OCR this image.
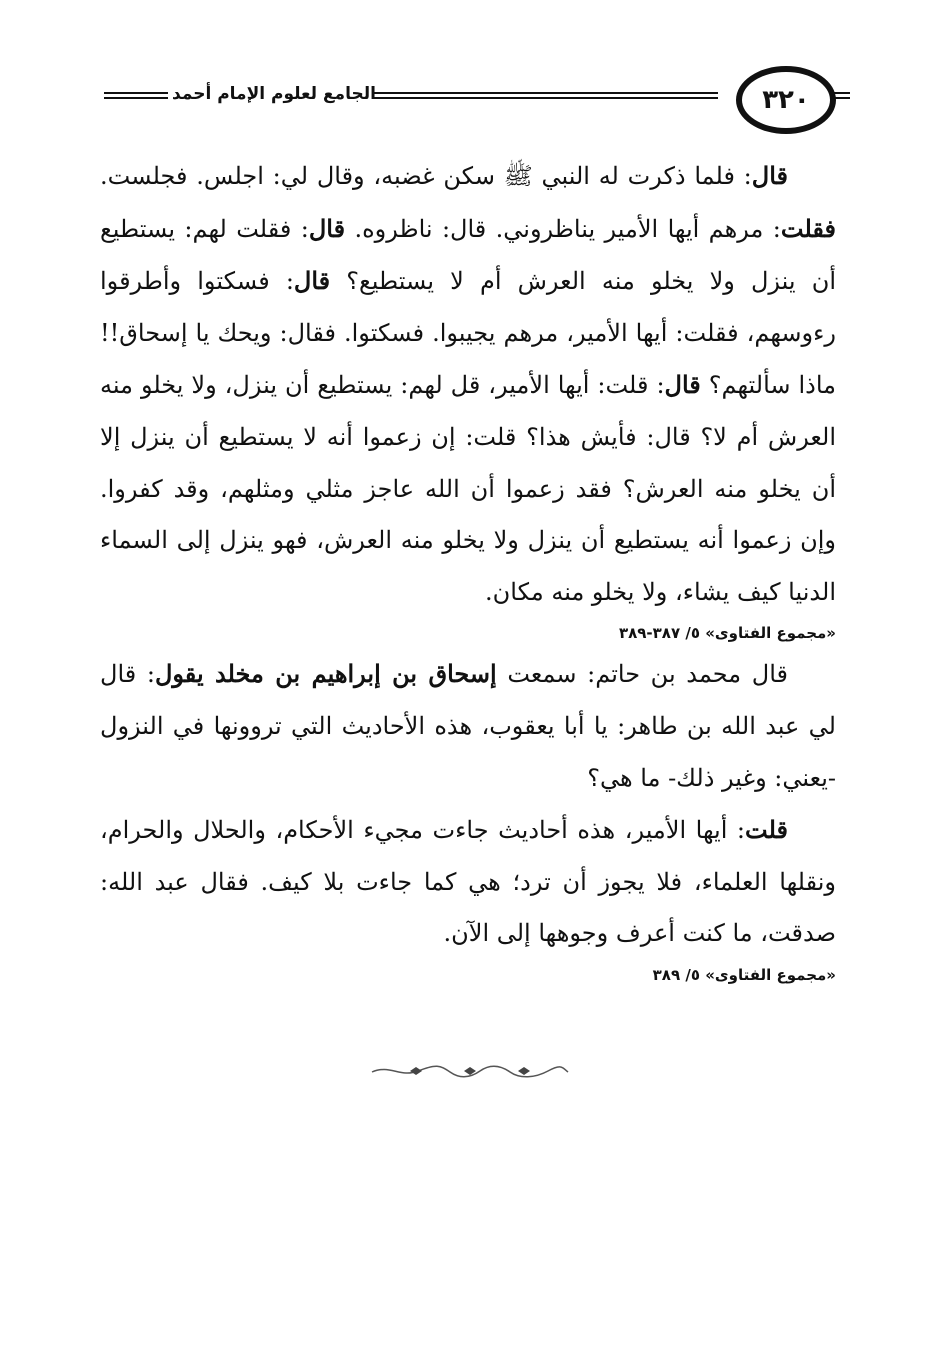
الجامع لعلوم الإمام أحمد	٣٢٠

قال: فلما ذكرت له النبي ﷺ سكن غضبه، وقال لي: اجلس. فجلست. فقلت: مرهم أيها الأمير يناظروني. قال: ناظروه. قال: فقلت لهم: يستطيع أن ينزل ولا يخلو منه العرش أم لا يستطيع؟ قال: فسكتوا وأطرقوا رءوسهم، فقلت: أيها الأمير، مرهم يجيبوا. فسكتوا. فقال: ويحك يا إسحاق!! ماذا سألتهم؟ قال: قلت: أيها الأمير، قل لهم: يستطيع أن ينزل، ولا يخلو منه العرش أم لا؟ قال: فأيش هذا؟ قلت: إن زعموا أنه لا يستطيع أن ينزل إلا أن يخلو منه العرش؟ فقد زعموا أن الله عاجز مثلي ومثلهم، وقد كفروا. وإن زعموا أنه يستطيع أن ينزل ولا يخلو منه العرش، فهو ينزل إلى السماء الدنيا كيف يشاء، ولا يخلو منه مكان.

«مجموع الفتاوى» ٥/ ٣٨٧-٣٨٩

قال محمد بن حاتم: سمعت إسحاق بن إبراهيم بن مخلد يقول: قال لي عبد الله بن طاهر: يا أبا يعقوب، هذه الأحاديث التي تروونها في النزول -يعني: وغير ذلك- ما هي؟

قلت: أيها الأمير، هذه أحاديث جاءت مجيء الأحكام، والحلال والحرام، ونقلها العلماء، فلا يجوز أن ترد؛ هي كما جاءت بلا كيف. فقال عبد الله: صدقت، ما كنت أعرف وجوهها إلى الآن.

«مجموع الفتاوى» ٥/ ٣٨٩
